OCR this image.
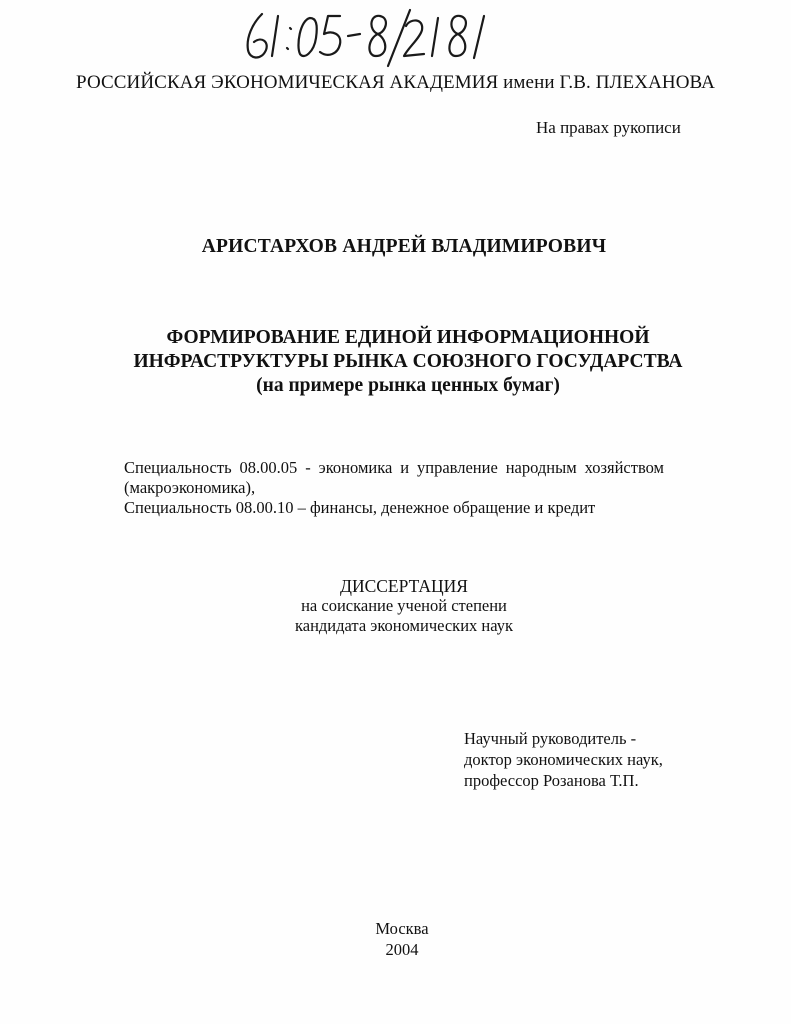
РОССИЙСКАЯ ЭКОНОМИЧЕСКАЯ АКАДЕМИЯ имени Г.В. ПЛЕХАНОВА

На правах рукописи

АРИСТАРХОВ АНДРЕЙ ВЛАДИМИРОВИЧ

ФОРМИРОВАНИЕ ЕДИНОЙ ИНФОРМАЦИОННОЙ
ИНФРАСТРУКТУРЫ РЫНКА СОЮЗНОГО ГОСУДАРСТВА
(на примере рынка ценных бумаг)
Специальность 08.00.05 - экономика и управление народным хозяйством
(макроэкономика),
Специальность 08.00.10 – финансы, денежное обращение и кредит
ДИССЕРТАЦИЯ
на соискание ученой степени
кандидата экономических наук
Научный руководитель -
доктор экономических наук,
профессор Розанова Т.П.
Москва
2004
